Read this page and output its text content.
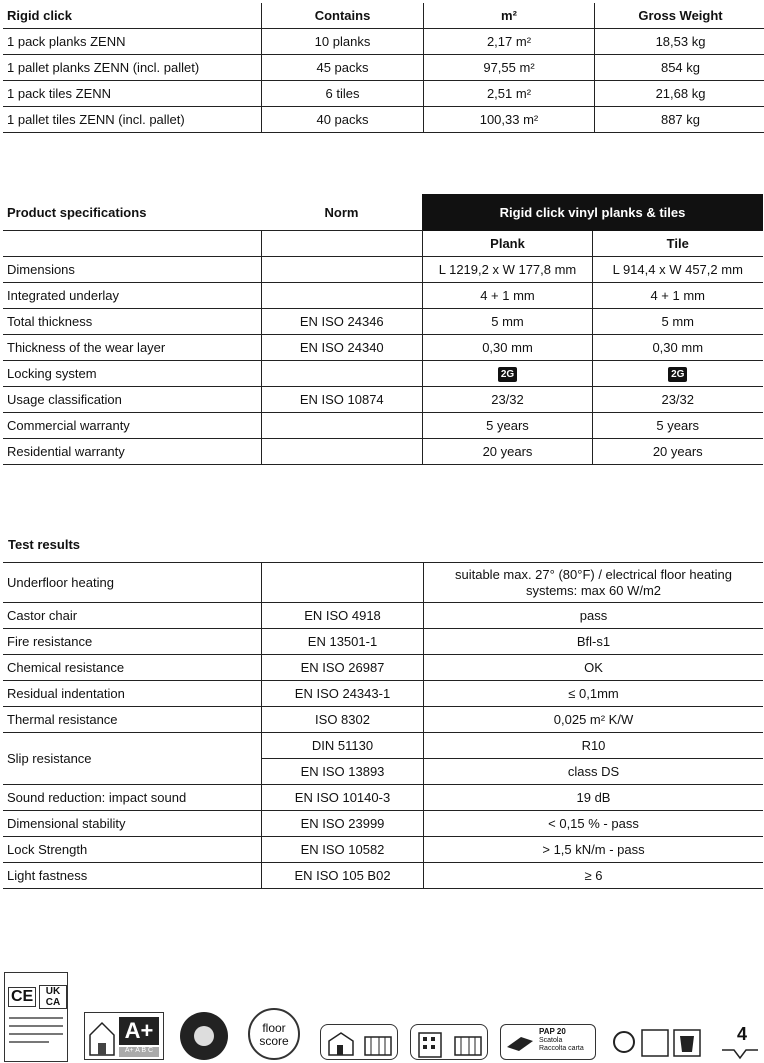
Rigid click	Contains	m²	Gross Weight
1 pack planks ZENN	10 planks	2,17 m²	18,53 kg
1 pallet planks ZENN (incl. pallet)	45 packs	97,55 m²	854 kg
1 pack tiles ZENN	6 tiles	2,51 m²	21,68 kg
1 pallet tiles ZENN (incl. pallet)	40 packs	100,33 m²	887 kg
Product specifications	Norm	Rigid click vinyl planks & tiles	
		Plank	Tile
Dimensions		L 1219,2 x W 177,8 mm	L 914,4 x W 457,2 mm
Integrated underlay		4 + 1 mm	4 + 1 mm
Total thickness	EN ISO 24346	5 mm	5 mm
Thickness of the wear layer	EN ISO 24340	0,30 mm	0,30 mm
Locking system		2G	2G
Usage classification	EN ISO 10874	23/32	23/32
Commercial warranty		5 years	5 years
Residential warranty		20 years	20 years
Test results
Underfloor heating		suitable max. 27° (80°F) / electrical floor heating systems: max 60 W/m2
Castor chair	EN ISO 4918	pass
Fire resistance	EN 13501-1	Bfl-s1
Chemical resistance	EN ISO 26987	OK
Residual indentation	EN ISO 24343-1	≤ 0,1mm
Thermal resistance	ISO 8302	0,025 m² K/W
Slip resistance	DIN 51130	R10
	EN ISO 13893	class DS
Sound reduction: impact sound	EN ISO 10140-3	19 dB
Dimensional stability	EN ISO 23999	< 0,15 % - pass
Lock Strength	EN ISO 10582	> 1,5 kN/m - pass
Light fastness	EN ISO 105 B02	≥ 6
CE	UK CA
A+
A+ A B C
floor score
PAP 20
Scatola Raccolta carta
4
